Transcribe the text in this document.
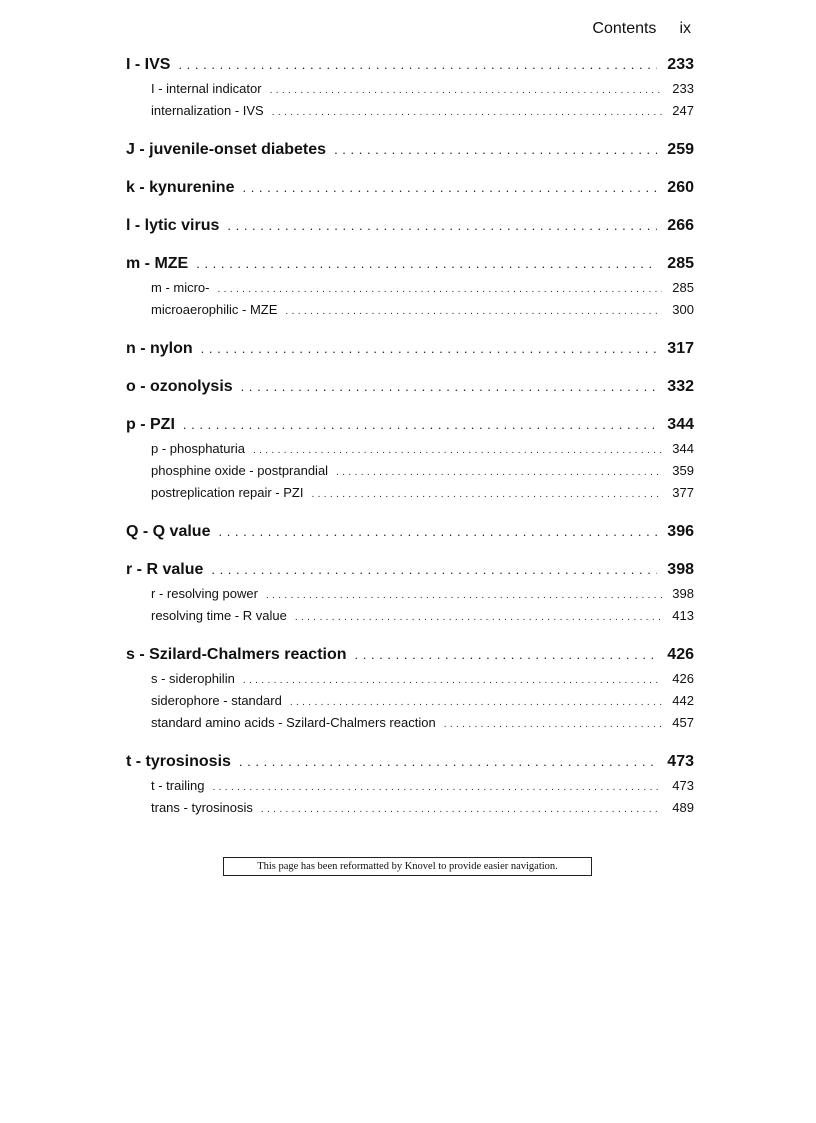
Contents ix
I - IVS . . .	233
I - internal indicator . . .	233
internalization - IVS . . .	247
J - juvenile-onset diabetes . . .	259
k - kynurenine . . .	260
l - lytic virus . . .	266
m - MZE . . .	285
m - micro- . . .	285
microaerophilic - MZE . . .	300
n - nylon . . .	317
o - ozonolysis . . .	332
p - PZI . . .	344
p - phosphaturia . . .	344
phosphine oxide - postprandial . . .	359
postreplication repair - PZI . . .	377
Q - Q value . . .	396
r - R value . . .	398
r - resolving power . . .	398
resolving time - R value . . .	413
s - Szilard-Chalmers reaction . . .	426
s - siderophilin . . .	426
siderophore - standard . . .	442
standard amino acids - Szilard-Chalmers reaction . . .	457
t - tyrosinosis . . .	473
t - trailing . . .	473
trans - tyrosinosis . . .	489
This page has been reformatted by Knovel to provide easier navigation.
